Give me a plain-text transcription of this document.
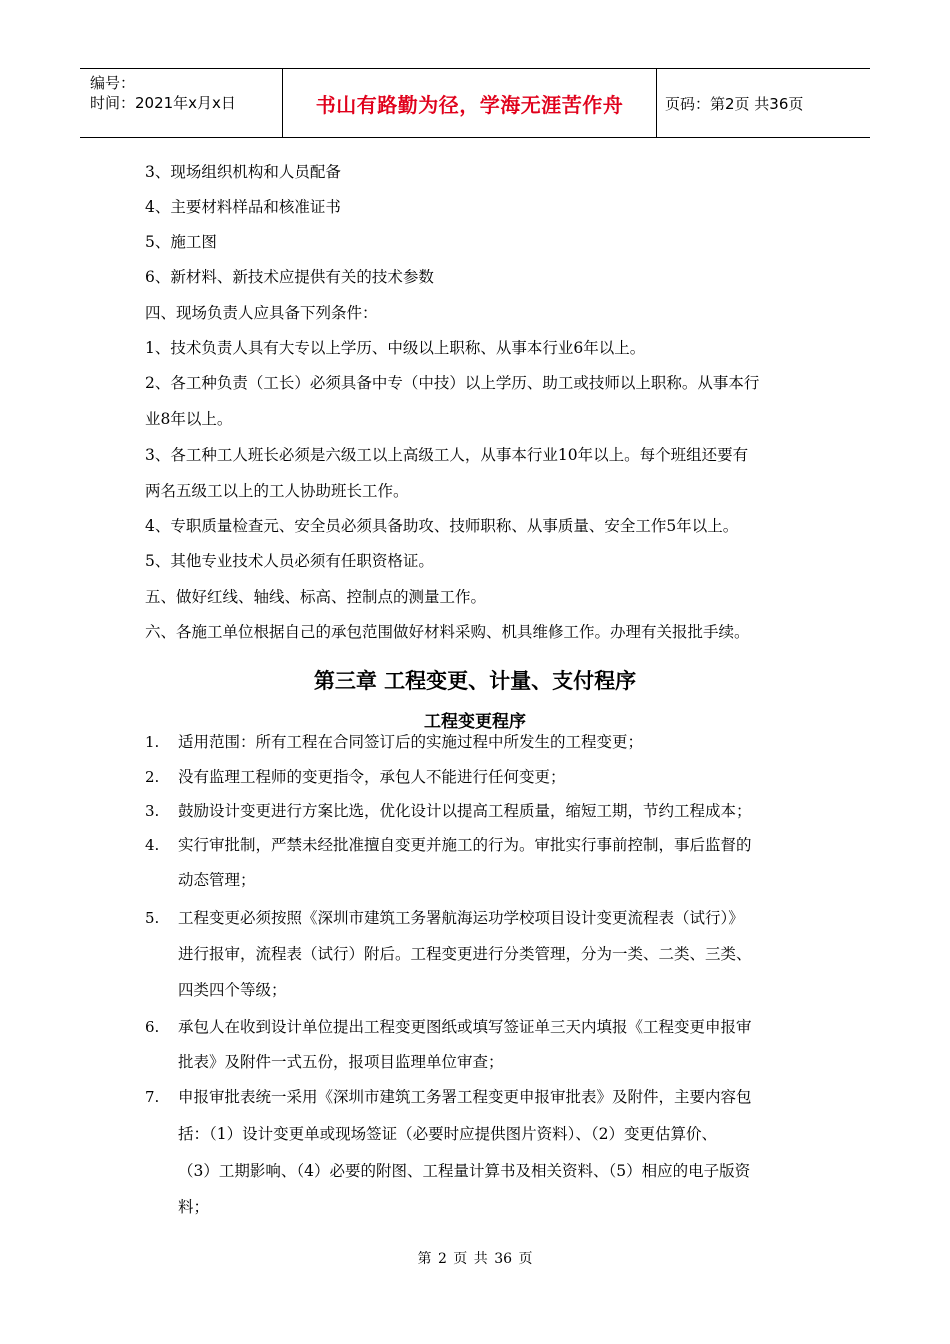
编号：
时间：2021年x月x日	书山有路勤为径，学海无涯苦作舟	页码：第2页 共36页
3、现场组织机构和人员配备
4、主要材料样品和核准证书
5、施工图
6、新材料、新技术应提供有关的技术参数
四、现场负责人应具备下列条件：
1、技术负责人具有大专以上学历、中级以上职称、从事本行业6年以上。
2、各工种负责（工长）必须具备中专（中技）以上学历、助工或技师以上职称。从事本行
业8年以上。
3、各工种工人班长必须是六级工以上高级工人，从事本行业10年以上。每个班组还要有
两名五级工以上的工人协助班长工作。
4、专职质量检查元、安全员必须具备助攻、技师职称、从事质量、安全工作5年以上。
5、其他专业技术人员必须有任职资格证。
五、做好红线、轴线、标高、控制点的测量工作。
六、各施工单位根据自己的承包范围做好材料采购、机具维修工作。办理有关报批手续。
第三章 工程变更、计量、支付程序
工程变更程序
1. 适用范围：所有工程在合同签订后的实施过程中所发生的工程变更；
2. 没有监理工程师的变更指令，承包人不能进行任何变更；
3. 鼓励设计变更进行方案比选，优化设计以提高工程质量，缩短工期，节约工程成本；
4. 实行审批制，严禁未经批准擅自变更并施工的行为。审批实行事前控制，事后监督的
动态管理；
5. 工程变更必须按照《深圳市建筑工务署航海运功学校项目设计变更流程表（试行）》
进行报审，流程表（试行）附后。工程变更进行分类管理，分为一类、二类、三类、
四类四个等级；
6. 承包人在收到设计单位提出工程变更图纸或填写签证单三天内填报《工程变更申报审
批表》及附件一式五份，报项目监理单位审查；
7. 申报审批表统一采用《深圳市建筑工务署工程变更申报审批表》及附件，主要内容包
括：（1）设计变更单或现场签证（必要时应提供图片资料）、（2）变更估算价、
（3）工期影响、（4）必要的附图、工程量计算书及相关资料、（5）相应的电子版资
料；
第 2 页 共 36 页
